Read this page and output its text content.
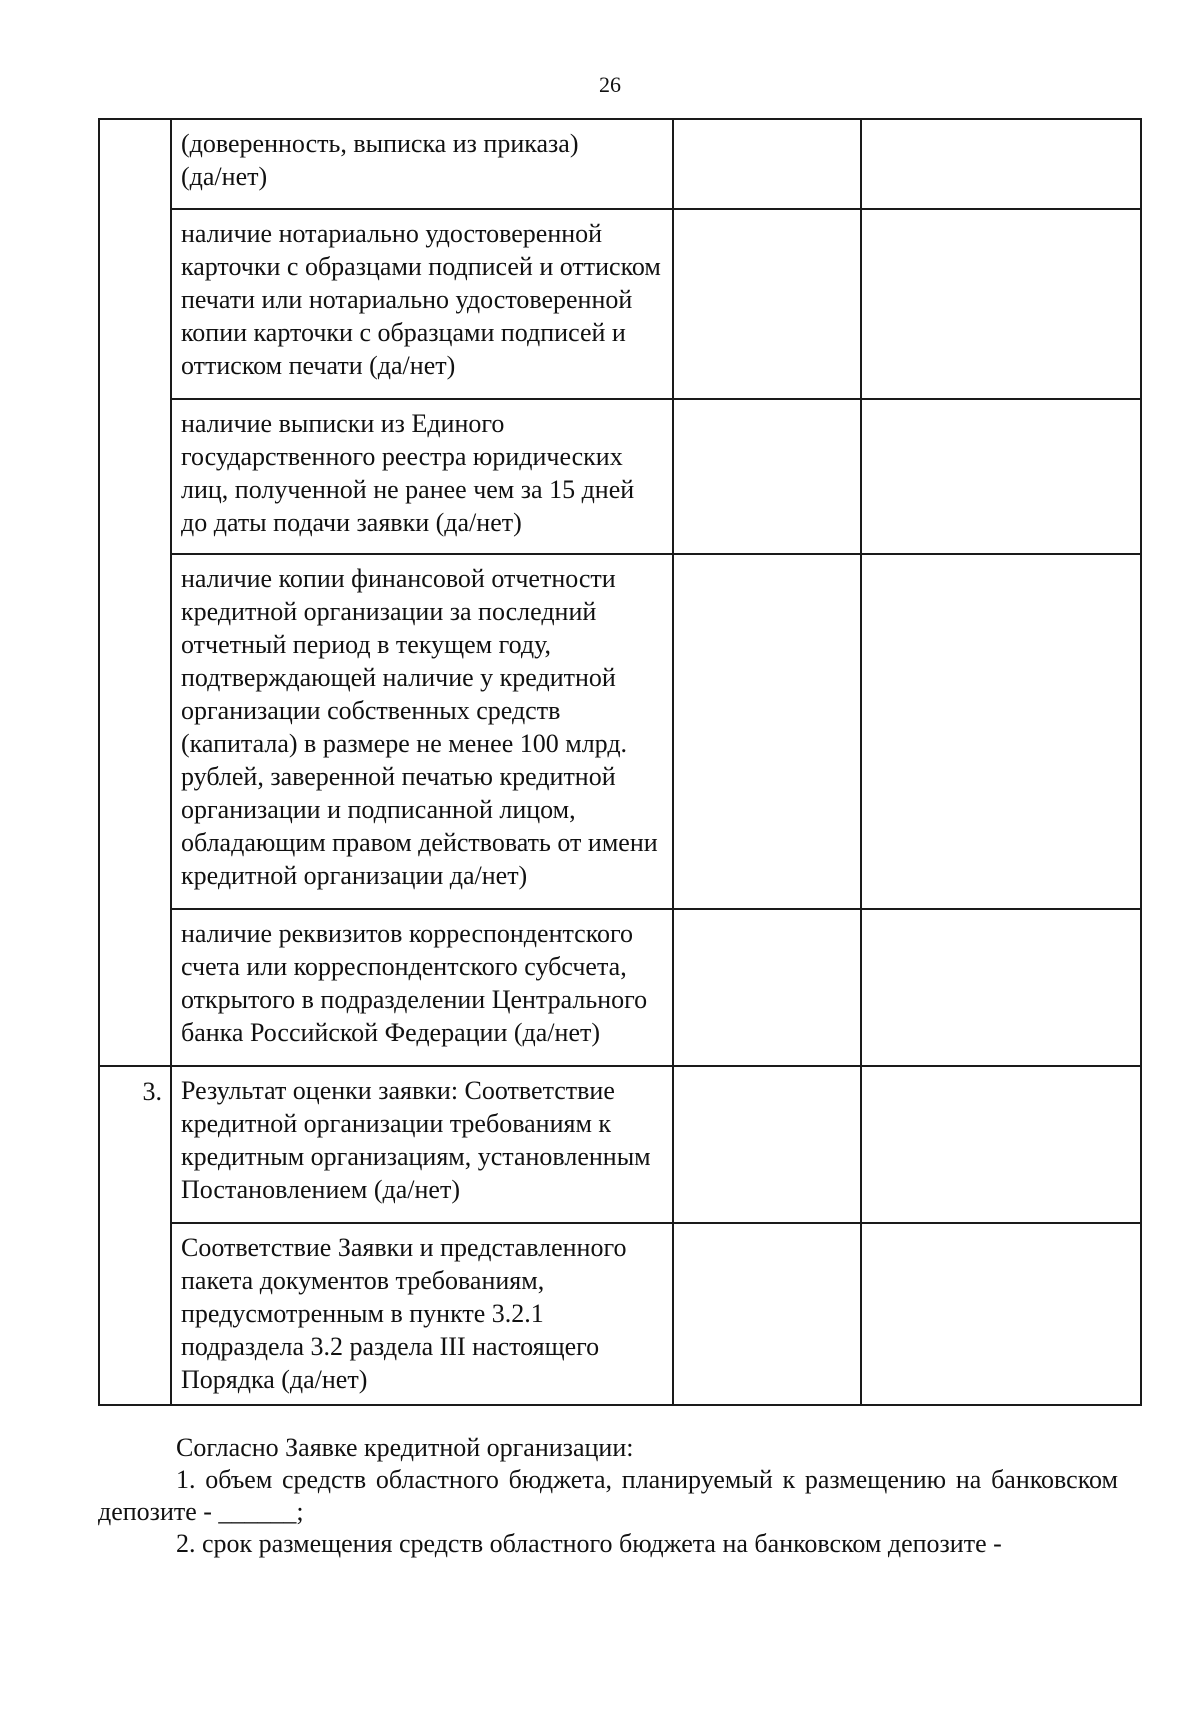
26
	(доверенность, выписка из приказа)
(да/нет)		
	наличие нотариально удостоверенной карточки с образцами подписей и оттиском печати или нотариально удостоверенной копии карточки с образцами подписей и оттиском печати (да/нет)		
	наличие выписки из Единого государственного реестра юридических лиц, полученной не ранее чем за 15 дней до даты подачи заявки (да/нет)		
	наличие копии финансовой отчетности кредитной организации за последний отчетный период в текущем году, подтверждающей наличие у кредитной организации собственных средств (капитала) в размере не менее 100 млрд. рублей, заверенной печатью кредитной организации и подписанной лицом, обладающим правом действовать от имени кредитной организации да/нет)		
	наличие реквизитов корреспондентского счета или корреспондентского субсчета, открытого в подразделении Центрального банка Российской Федерации (да/нет)		
3.	Результат оценки заявки: Соответствие кредитной организации требованиям к кредитным организациям, установленным Постановлением (да/нет)		
	Соответствие Заявки и представленного пакета документов требованиям, предусмотренным в пункте 3.2.1 подраздела 3.2 раздела III настоящего Порядка (да/нет)		

Согласно Заявке кредитной организации:

1. объем средств областного бюджета, планируемый к размещению на банковском депозите - ______;

2. срок размещения средств областного бюджета на банковском депозите -
